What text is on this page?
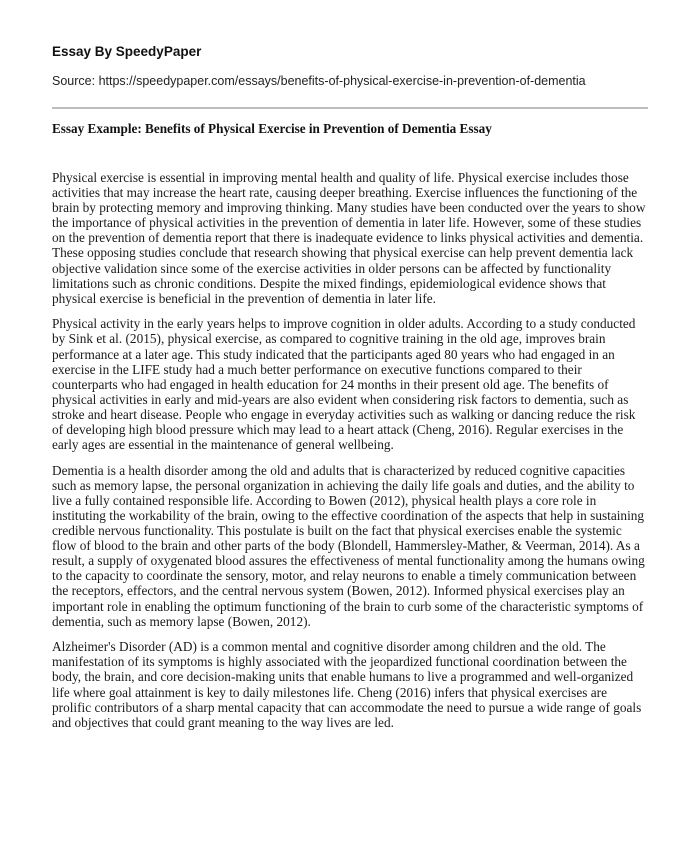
Essay By SpeedyPaper
Source: https://speedypaper.com/essays/benefits-of-physical-exercise-in-prevention-of-dementia
Essay Example: Benefits of Physical Exercise in Prevention of Dementia Essay

Physical exercise is essential in improving mental health and quality of life. Physical exercise includes those activities that may increase the heart rate, causing deeper breathing. Exercise influences the functioning of the brain by protecting memory and improving thinking. Many studies have been conducted over the years to show the importance of physical activities in the prevention of dementia in later life. However, some of these studies on the prevention of dementia report that there is inadequate evidence to links physical activities and dementia. These opposing studies conclude that research showing that physical exercise can help prevent dementia lack objective validation since some of the exercise activities in older persons can be affected by functionality limitations such as chronic conditions. Despite the mixed findings, epidemiological evidence shows that physical exercise is beneficial in the prevention of dementia in later life.

Physical activity in the early years helps to improve cognition in older adults. According to a study conducted by Sink et al. (2015), physical exercise, as compared to cognitive training in the old age, improves brain performance at a later age. This study indicated that the participants aged 80 years who had engaged in an exercise in the LIFE study had a much better performance on executive functions compared to their counterparts who had engaged in health education for 24 months in their present old age. The benefits of physical activities in early and mid-years are also evident when considering risk factors to dementia, such as stroke and heart disease. People who engage in everyday activities such as walking or dancing reduce the risk of developing high blood pressure which may lead to a heart attack (Cheng, 2016). Regular exercises in the early ages are essential in the maintenance of general wellbeing.

Dementia is a health disorder among the old and adults that is characterized by reduced cognitive capacities such as memory lapse, the personal organization in achieving the daily life goals and duties, and the ability to live a fully contained responsible life. According to Bowen (2012), physical health plays a core role in instituting the workability of the brain, owing to the effective coordination of the aspects that help in sustaining credible nervous functionality. This postulate is built on the fact that physical exercises enable the systemic flow of blood to the brain and other parts of the body (Blondell, Hammersley-Mather, & Veerman, 2014). As a result, a supply of oxygenated blood assures the effectiveness of mental functionality among the humans owing to the capacity to coordinate the sensory, motor, and relay neurons to enable a timely communication between the receptors, effectors, and the central nervous system (Bowen, 2012). Informed physical exercises play an important role in enabling the optimum functioning of the brain to curb some of the characteristic symptoms of dementia, such as memory lapse (Bowen, 2012).

Alzheimer's Disorder (AD) is a common mental and cognitive disorder among children and the old. The manifestation of its symptoms is highly associated with the jeopardized functional coordination between the body, the brain, and core decision-making units that enable humans to live a programmed and well-organized life where goal attainment is key to daily milestones life. Cheng (2016) infers that physical exercises are prolific contributors of a sharp mental capacity that can accommodate the need to pursue a wide range of goals and objectives that could grant meaning to the way lives are led.
